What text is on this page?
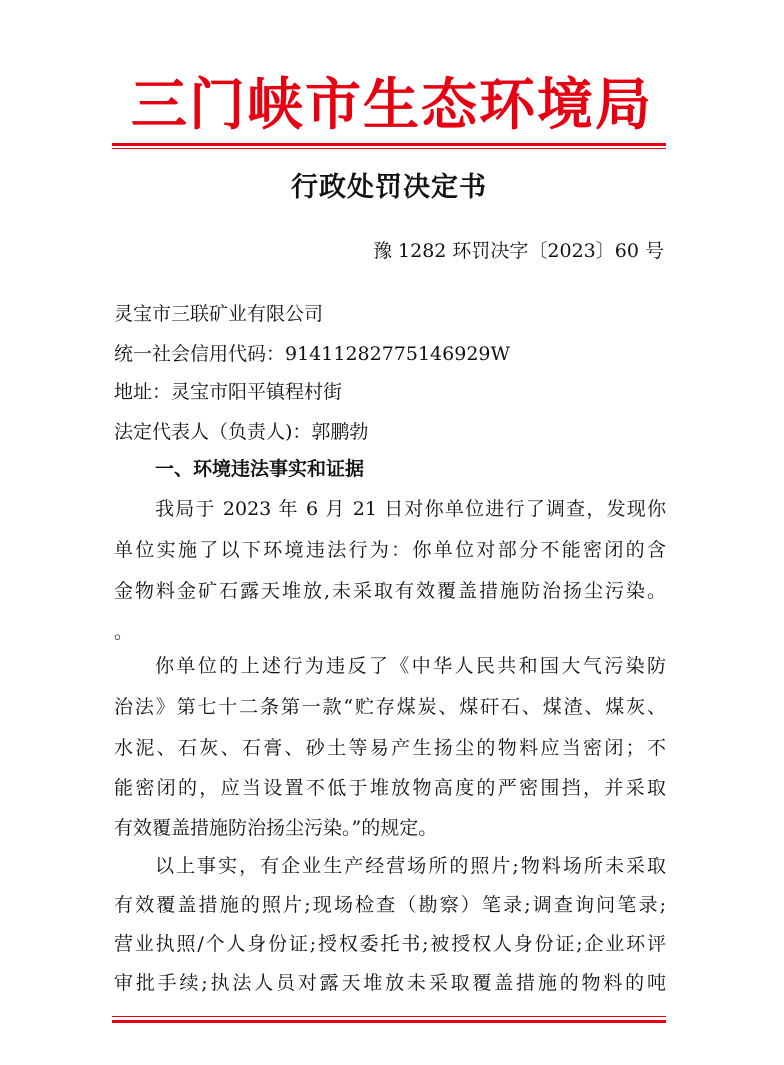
三门峡市生态环境局
行政处罚决定书
豫 1282 环罚决字〔2023〕60 号
灵宝市三联矿业有限公司
统一社会信用代码：91411282775146929W
地址：灵宝市阳平镇程村街
法定代表人（负责人)：郭鹏勃
一、环境违法事实和证据
我局于 2023 年 6 月 21 日对你单位进行了调查，发现你
单位实施了以下环境违法行为：你单位对部分不能密闭的含
金物料金矿石露天堆放,未采取有效覆盖措施防治扬尘污染。
。
你单位的上述行为违反了《中华人民共和国大气污染防
治法》第七十二条第一款“贮存煤炭、煤矸石、煤渣、煤灰、
水泥、石灰、石膏、砂土等易产生扬尘的物料应当密闭；不
能密闭的，应当设置不低于堆放物高度的严密围挡，并采取
有效覆盖措施防治扬尘污染。”的规定。
以上事实，有企业生产经营场所的照片;物料场所未采取
有效覆盖措施的照片;现场检查（勘察）笔录;调查询问笔录;
营业执照/个人身份证;授权委托书;被授权人身份证;企业环评
审批手续;执法人员对露天堆放未采取覆盖措施的物料的吨
